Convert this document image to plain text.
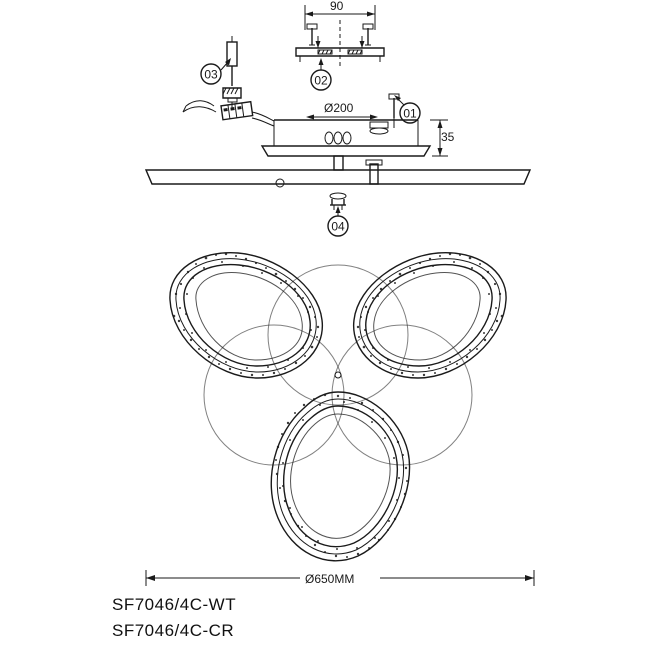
90
02
03
Ø200
35
01
04
Ø650MM
SF7046/4C-WT
SF7046/4C-CR
